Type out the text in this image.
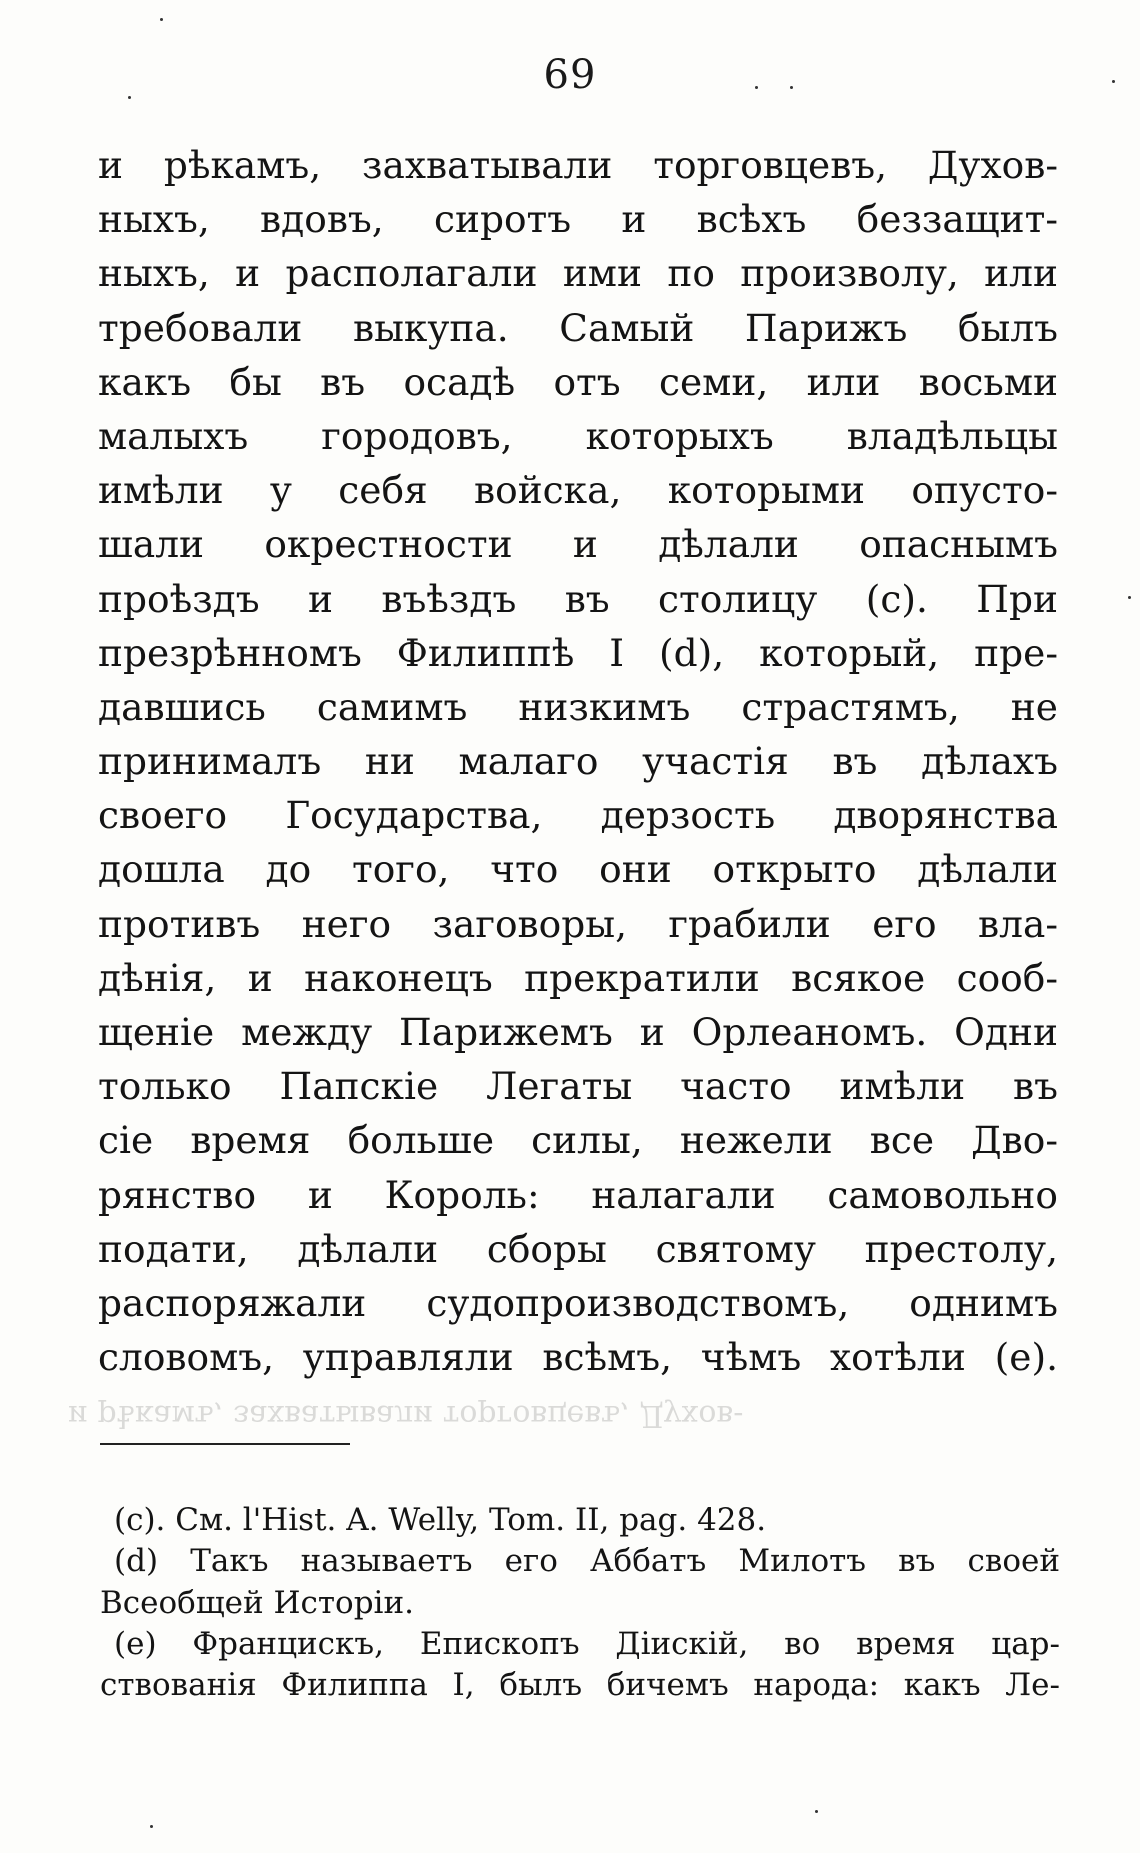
69
и рѣкамъ, захватывали торговцевъ, Духов-
ныхъ, вдовъ, сиротъ и всѣхъ беззащит-
ныхъ, и располагали ими по произволу, или
требовали выкупа. Самый Парижъ былъ
какъ бы въ осадѣ отъ семи, или восьми
малыхъ городовъ, которыхъ владѣльцы
имѣли у себя войска, которыми опусто-
шали окрестности и дѣлали опаснымъ
проѣздъ и въѣздъ въ столицу (с). При
презрѣнномъ Филиппѣ I (d), который, пре-
давшись самимъ низкимъ страстямъ, не
принималъ ни малаго участія въ дѣлахъ
своего Государства, дерзость дворянства
дошла до того, что они открыто дѣлали
противъ него заговоры, грабили его вла-
дѣнія, и наконецъ прекратили всякое сооб-
щеніе между Парижемъ и Орлеаномъ. Одни
только Папскіе Легаты часто имѣли въ
сіе время больше силы, нежели все Дво-
рянство и Король: налагали самовольно
подати, дѣлали сборы святому престолу,
распоряжали судопроизводствомъ, однимъ
словомъ, управляли всѣмъ, чѣмъ хотѣли (е).
и рѣкамъ, захватывали торговцевъ, Духов-
(с). См. l'Hist. A. Welly, Tom. II, pag. 428.
(d) Такъ называетъ его Аббатъ Милотъ въ своей
Всеобщей Исторіи.
(е) Францискъ, Епископъ Діискій, во время цар-
ствованія Филиппа I, былъ бичемъ народа: какъ Ле-
